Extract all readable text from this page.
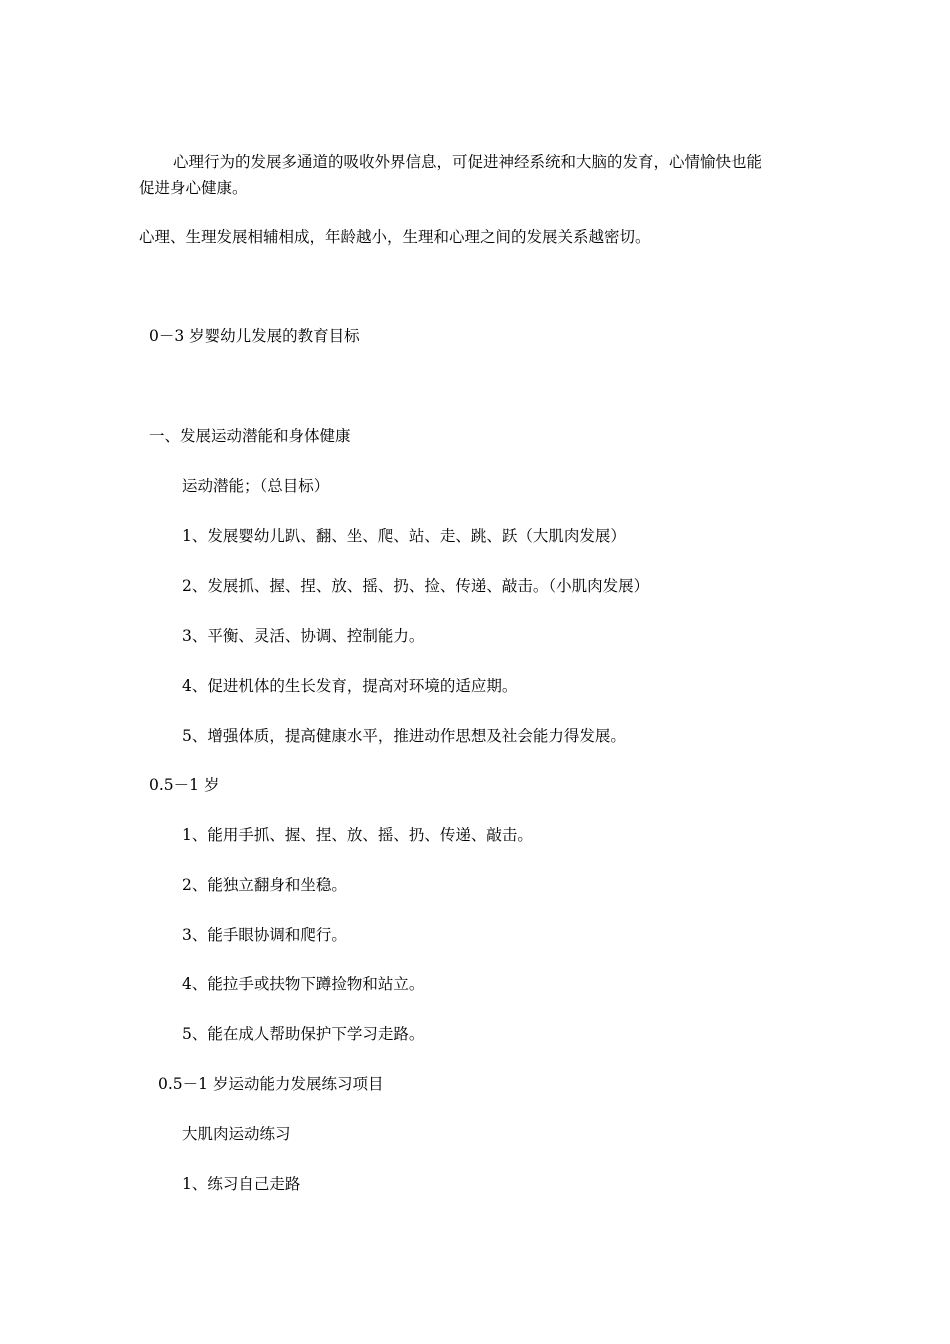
心理行为的发展多通道的吸收外界信息，可促进神经系统和大脑的发育，心情愉快也能

促进身心健康。

心理、生理发展相辅相成，年龄越小，生理和心理之间的发展关系越密切。

0－3 岁婴幼儿发展的教育目标

一、发展运动潜能和身体健康

运动潜能；（总目标）

1、发展婴幼儿趴、翻、坐、爬、站、走、跳、跃（大肌肉发展）

2、发展抓、握、捏、放、摇、扔、捡、传递、敲击。（小肌肉发展）

3、平衡、灵活、协调、控制能力。

4、促进机体的生长发育，提高对环境的适应期。

5、增强体质，提高健康水平，推进动作思想及社会能力得发展。

0.5－1 岁

1、能用手抓、握、捏、放、摇、扔、传递、敲击。

2、能独立翻身和坐稳。

3、能手眼协调和爬行。

4、能拉手或扶物下蹲捡物和站立。

5、能在成人帮助保护下学习走路。

0.5－1 岁运动能力发展练习项目

大肌肉运动练习

1、练习自己走路
